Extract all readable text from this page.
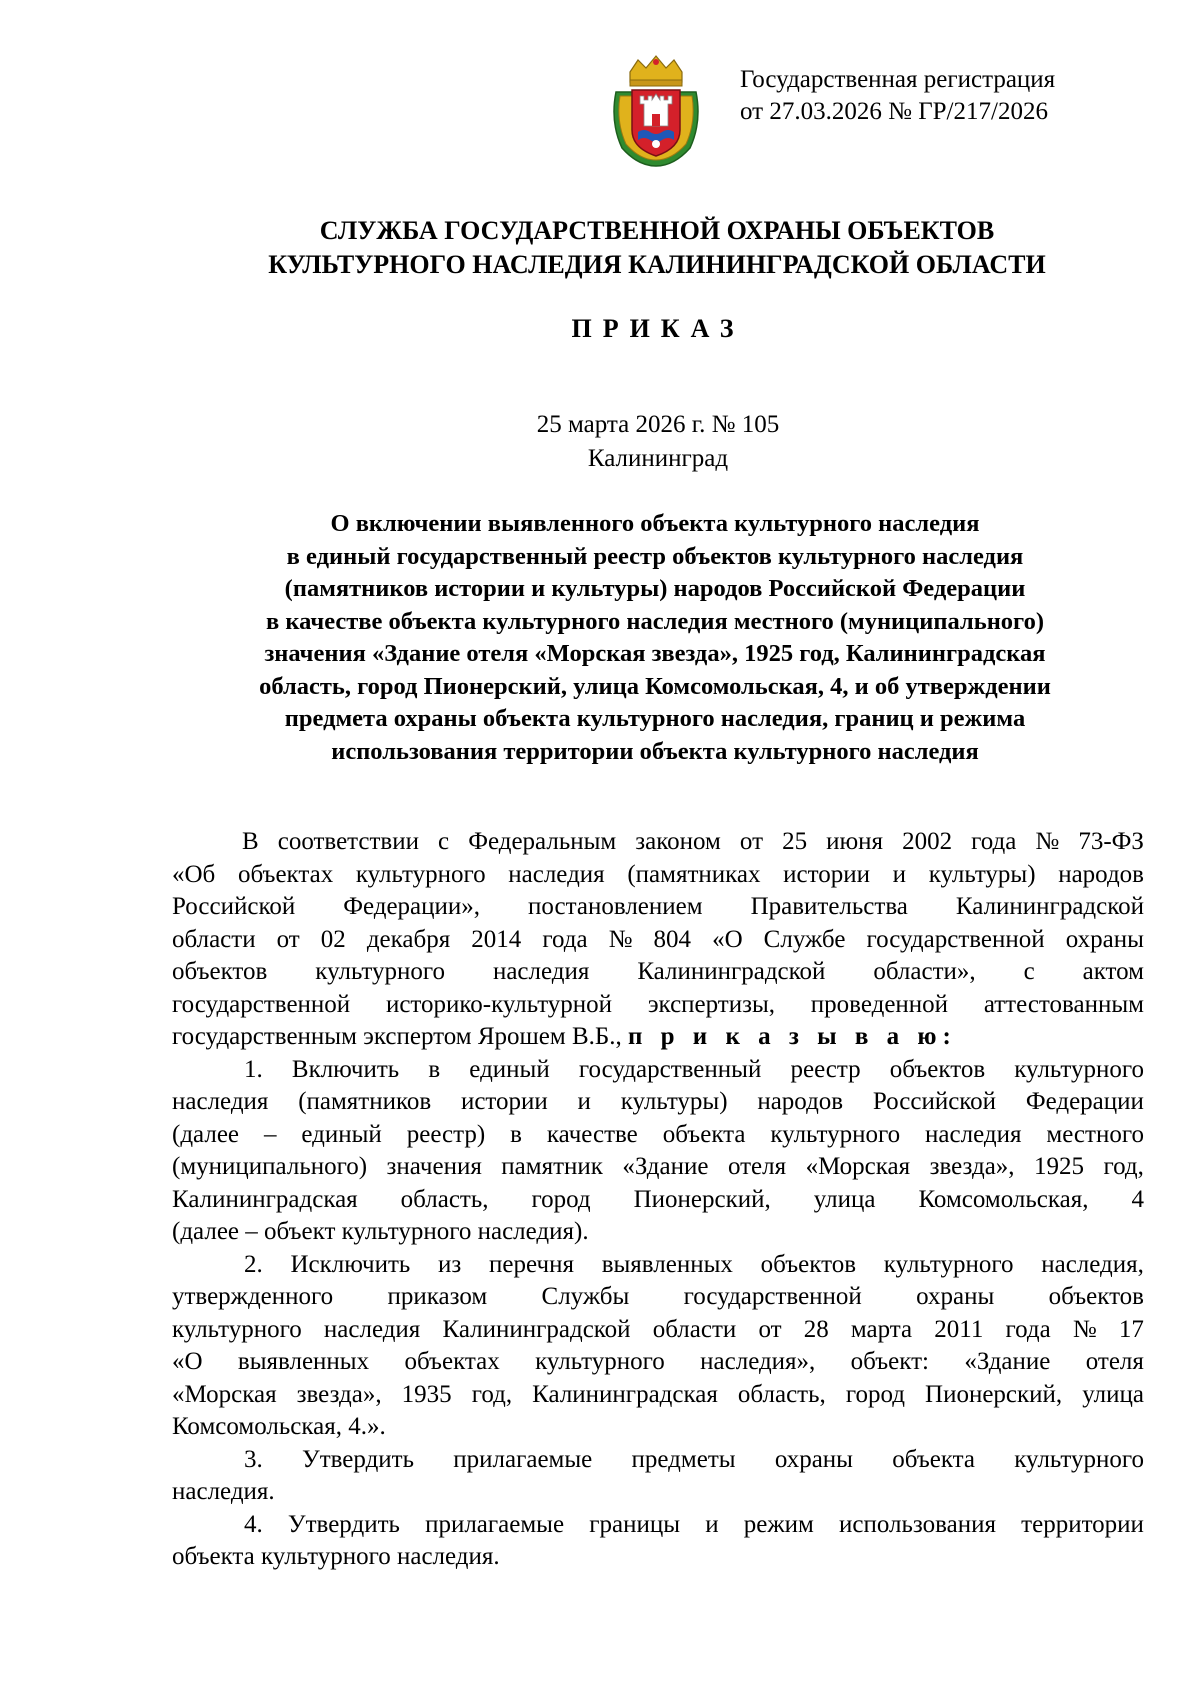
Государственная регистрация
от 27.03.2026 № ГР/217/2026
СЛУЖБА ГОСУДАРСТВЕННОЙ ОХРАНЫ ОБЪЕКТОВ
КУЛЬТУРНОГО НАСЛЕДИЯ КАЛИНИНГРАДСКОЙ ОБЛАСТИ
ПРИКАЗ
25 марта 2026 г. № 105
Калининград
О включении выявленного объекта культурного наследия
в единый государственный реестр объектов культурного наследия
(памятников истории и культуры) народов Российской Федерации
в качестве объекта культурного наследия местного (муниципального)
значения «Здание отеля «Морская звезда», 1925 год, Калининградская
область, город Пионерский, улица Комсомольская, 4, и об утверждении
предмета охраны объекта культурного наследия, границ и режима
использования территории объекта культурного наследия
В соответствии с Федеральным законом от 25 июня 2002 года № 73-ФЗ
«Об объектах культурного наследия (памятниках истории и культуры) народов
Российской Федерации», постановлением Правительства Калининградской
области от 02 декабря 2014 года № 804 «О Службе государственной охраны
объектов культурного наследия Калининградской области», с актом
государственной историко-культурной экспертизы, проведенной аттестованным
государственным экспертом Ярошем В.Б., п р и к а з ы в а ю:
1. Включить в единый государственный реестр объектов культурного
наследия (памятников истории и культуры) народов Российской Федерации
(далее – единый реестр) в качестве объекта культурного наследия местного
(муниципального) значения памятник «Здание отеля «Морская звезда», 1925 год,
Калининградская область, город Пионерский, улица Комсомольская, 4
(далее – объект культурного наследия).
2. Исключить из перечня выявленных объектов культурного наследия,
утвержденного приказом Службы государственной охраны объектов
культурного наследия Калининградской области от 28 марта 2011 года № 17
«О выявленных объектах культурного наследия», объект: «Здание отеля
«Морская звезда», 1935 год, Калининградская область, город Пионерский, улица
Комсомольская, 4.».
3. Утвердить прилагаемые предметы охраны объекта культурного
наследия.
4. Утвердить прилагаемые границы и режим использования территории
объекта культурного наследия.
